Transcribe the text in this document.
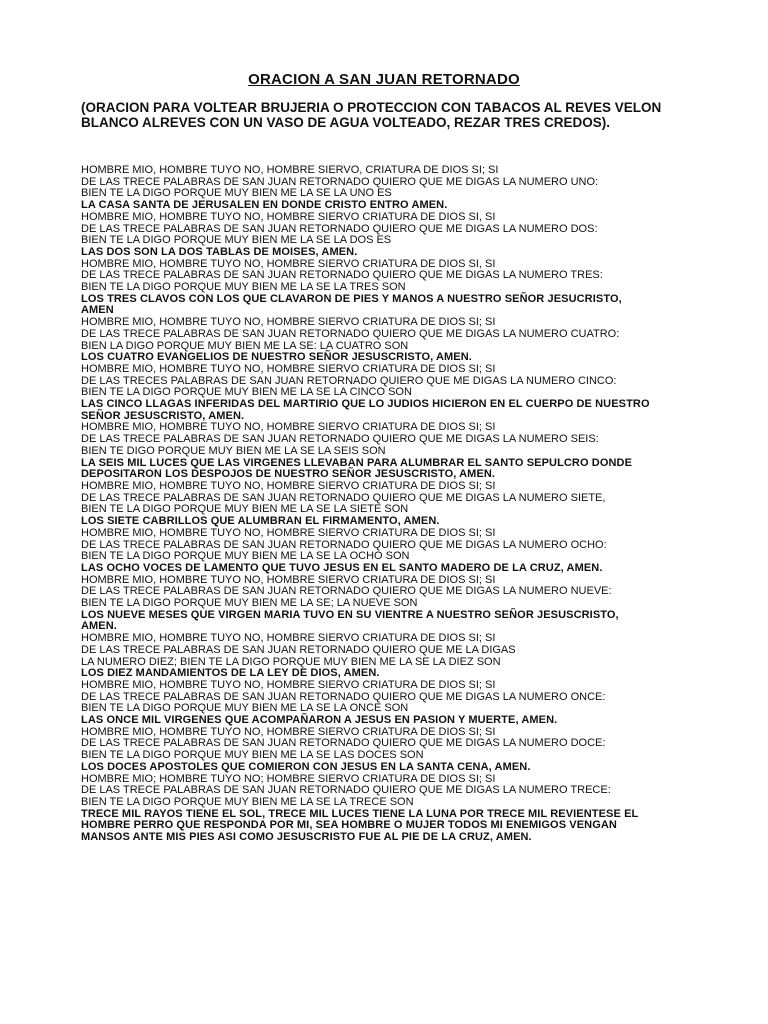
ORACION A SAN JUAN RETORNADO
(ORACION PARA VOLTEAR BRUJERIA O PROTECCION CON TABACOS AL REVES VELON BLANCO ALREVES CON UN VASO DE AGUA VOLTEADO, REZAR TRES CREDOS).
HOMBRE MIO, HOMBRE TUYO NO, HOMBRE SIERVO, CRIATURA DE DIOS SI; SI
DE LAS TRECE PALABRAS DE SAN JUAN RETORNADO QUIERO QUE ME DIGAS LA NUMERO UNO:
BIEN TE LA DIGO PORQUE MUY BIEN ME LA SE LA UNO ES
LA CASA SANTA DE JERUSALEN EN DONDE CRISTO ENTRO AMEN.
HOMBRE MIO, HOMBRE TUYO NO, HOMBRE SIERVO CRIATURA DE DIOS SI, SI
DE LAS TRECE PALABRAS DE SAN JUAN RETORNADO QUIERO QUE ME DIGAS LA NUMERO DOS:
BIEN TE LA DIGO PORQUE MUY BIEN ME LA SE LA DOS ES
LAS DOS SON LA DOS TABLAS DE MOISES, AMEN.
HOMBRE MIO, HOMBRE TUYO NO, HOMBRE SIERVO CRIATURA DE DIOS SI, SI
DE LAS TRECE PALABRAS DE SAN JUAN RETORNADO QUIERO QUE ME DIGAS LA NUMERO TRES:
BIEN TE LA DIGO PORQUE MUY BIEN ME LA SE LA TRES SON
LOS TRES CLAVOS CON LOS QUE CLAVARON DE PIES Y MANOS A NUESTRO SEÑOR JESUCRISTO,
AMEN
HOMBRE MIO, HOMBRE TUYO NO, HOMBRE SIERVO CRIATURA DE DIOS SI; SI
DE LAS TRECE PALABRAS DE SAN JUAN RETORNADO QUIERO QUE ME DIGAS LA NUMERO CUATRO:
BIEN LA DIGO PORQUE MUY BIEN ME LA SE: LA CUATRO SON
LOS CUATRO EVANGELIOS DE NUESTRO SEÑOR JESUSCRISTO, AMEN.
HOMBRE MIO, HOMBRE TUYO NO, HOMBRE SIERVO CRIATURA DE DIOS SI; SI
DE LAS TRECES PALABRAS DE SAN JUAN RETORNADO QUIERO QUE ME DIGAS LA NUMERO CINCO:
BIEN TE LA DIGO PORQUE MUY BIEN ME LA SE LA CINCO SON
LAS CINCO LLAGAS INFERIDAS DEL MARTIRIO QUE LO JUDIOS HICIERON EN EL CUERPO DE NUESTRO
SEÑOR JESUSCRISTO, AMEN.
HOMBRE MIO, HOMBRE TUYO NO, HOMBRE SIERVO CRIATURA DE DIOS SI; SI
DE LAS TRECE PALABRAS DE SAN JUAN RETORNADO QUIERO QUE ME DIGAS LA NUMERO SEIS:
BIEN TE DIGO PORQUE MUY BIEN ME LA SE LA SEIS SON
LA SEIS MIL LUCES QUE LAS VIRGENES LLEVABAN PARA ALUMBRAR EL SANTO SEPULCRO DONDE
DEPOSITARON LOS DESPOJOS DE NUESTRO SEÑOR JESUSCRISTO, AMEN.
HOMBRE MIO, HOMBRE TUYO NO, HOMBRE SIERVO CRIATURA DE DIOS SI; SI
DE LAS TRECE PALABRAS DE SAN JUAN RETORNADO QUIERO QUE ME DIGAS LA NUMERO SIETE,
BIEN TE LA DIGO PORQUE MUY BIEN ME LA SE LA SIETE SON
LOS SIETE CABRILLOS QUE ALUMBRAN EL FIRMAMENTO, AMEN.
HOMBRE MIO, HOMBRE TUYO NO, HOMBRE SIERVO CRIATURA DE DIOS SI; SI
DE LAS TRECE PALABRAS DE SAN JUAN RETORNADO QUIERO QUE ME DIGAS LA NUMERO OCHO:
BIEN TE LA DIGO PORQUE MUY BIEN ME LA SE LA OCHO SON
LAS OCHO VOCES DE LAMENTO QUE TUVO JESUS EN EL SANTO MADERO DE LA CRUZ, AMEN.
HOMBRE MIO, HOMBRE TUYO NO, HOMBRE SIERVO CRIATURA DE DIOS SI; SI
DE LAS TRECE PALABRAS DE SAN JUAN RETORNADO QUIERO QUE ME DIGAS LA NUMERO NUEVE:
BIEN TE LA DIGO PORQUE MUY BIEN ME LA SE; LA NUEVE SON
LOS NUEVE MESES QUE VIRGEN MARIA TUVO EN SU VIENTRE A NUESTRO SEÑOR JESUSCRISTO,
AMEN.
HOMBRE MIO, HOMBRE TUYO NO, HOMBRE SIERVO CRIATURA DE DIOS SI; SI
DE LAS TRECE PALABRAS DE SAN JUAN RETORNADO QUIERO QUE ME LA DIGAS
LA NUMERO DIEZ; BIEN TE LA DIGO PORQUE MUY BIEN ME LA SE LA DIEZ SON
LOS DIEZ MANDAMIENTOS DE LA LEY DE DIOS, AMEN.
HOMBRE MIO, HOMBRE TUYO NO, HOMBRE SIERVO CRIATURA DE DIOS SI; SI
DE LAS TRECE PALABRAS DE SAN JUAN RETORNADO QUIERO QUE ME DIGAS LA NUMERO ONCE:
BIEN TE LA DIGO PORQUE MUY BIEN ME LA SE LA ONCE SON
LAS ONCE MIL VIRGENES QUE ACOMPAÑARON A JESUS EN PASION Y MUERTE, AMEN.
HOMBRE MIO, HOMBRE TUYO NO, HOMBRE SIERVO CRIATURA DE DIOS SI; SI
DE LAS TRECE PALABRAS DE SAN JUAN RETORNADO QUIERO QUE ME DIGAS LA NUMERO DOCE:
BIEN TE LA DIGO PORQUE MUY BIEN ME LA SE LAS DOCES SON
LOS DOCES APOSTOLES QUE COMIERON CON JESUS EN LA SANTA CENA, AMEN.
HOMBRE MIO; HOMBRE TUYO NO; HOMBRE SIERVO CRIATURA DE DIOS SI; SI
DE LAS TRECE PALABRAS DE SAN JUAN RETORNADO QUIERO QUE ME DIGAS LA NUMERO TRECE:
BIEN TE LA DIGO PORQUE MUY BIEN ME LA SE LA TRECE SON
TRECE MIL RAYOS TIENE EL SOL, TRECE MIL LUCES TIENE LA LUNA POR TRECE MIL REVIENTESE EL
HOMBRE PERRO QUE RESPONDA POR MI, SEA HOMBRE O MUJER TODOS MI ENEMIGOS VENGAN
MANSOS ANTE MIS PIES ASI COMO JESUSCRISTO FUE AL PIE DE LA CRUZ, AMEN.
